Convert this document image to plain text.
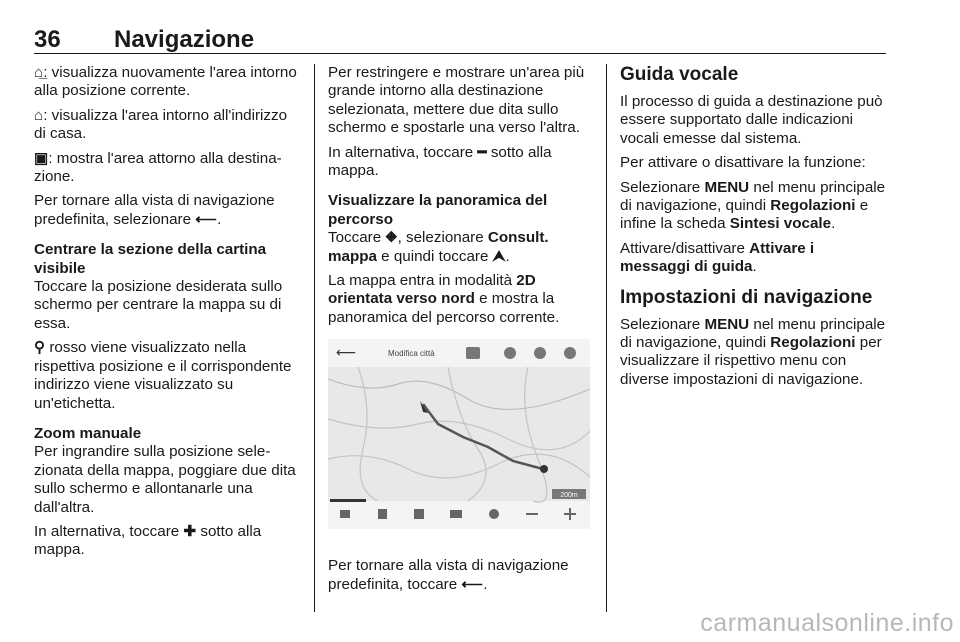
36 Navigazione

⌂̲: visualizza nuovamente l'area intorno alla posizione corrente.

⌂: visualizza l'area intorno all'indirizzo di casa.

▣: mostra l'area attorno alla destinazione.

Per tornare alla vista di navigazione predefinita, selezionare ⟵.

Centrare la sezione della cartina visibile

Toccare la posizione desiderata sullo schermo per centrare la mappa su di essa.

⚲ rosso viene visualizzato nella rispettiva posizione e il corrispondente indirizzo viene visualizzato su un'etichetta.

Zoom manuale

Per ingrandire sulla posizione selezionata della mappa, poggiare due dita sullo schermo e allontanarle una dall'altra.

In alternativa, toccare ✚ sotto alla mappa.

Per restringere e mostrare un'area più grande intorno alla destinazione selezionata, mettere due dita sullo schermo e spostarle una verso l'altra.

In alternativa, toccare ━ sotto alla mappa.

Visualizzare la panoramica del percorso

Toccare ⛖, selezionare Consult. mappa e quindi toccare ⮝.

La mappa entra in modalità 2D orientata verso nord e mostra la panoramica del percorso corrente.

200m
⟵	Modifica città

Per tornare alla vista di navigazione predefinita, toccare ⟵.

Guida vocale

Il processo di guida a destinazione può essere supportato dalle indicazioni vocali emesse dal sistema.

Per attivare o disattivare la funzione:

Selezionare MENU nel menu principale di navigazione, quindi Regolazioni e infine la scheda Sintesi vocale.

Attivare/disattivare Attivare i messaggi di guida.

Impostazioni di navigazione

Selezionare MENU nel menu principale di navigazione, quindi Regolazioni per visualizzare il rispettivo menu con diverse impostazioni di navigazione.

carmanualsonline.info
